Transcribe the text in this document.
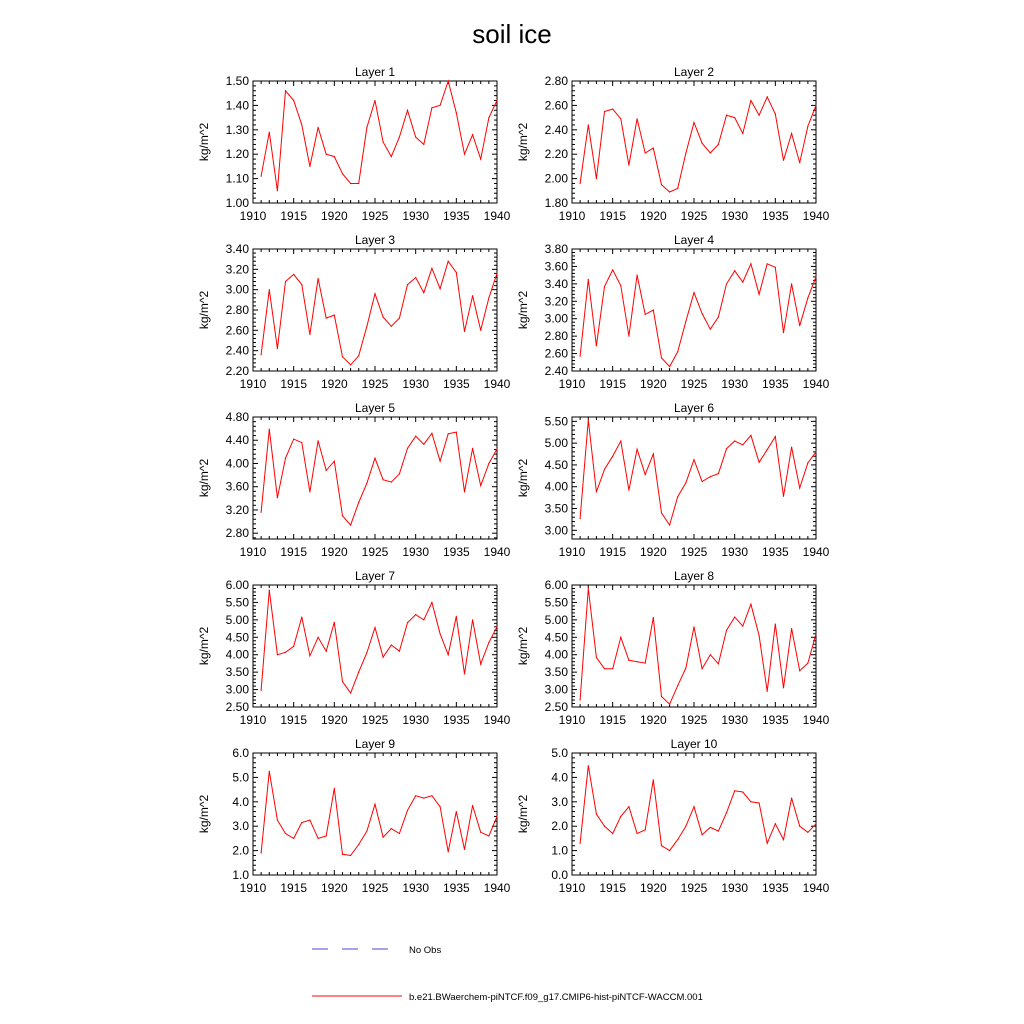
soil ice
Layer 1
1910 1915 1920 1925 1930 1935 1940
1.00
1.10
1.20
1.30
1.40
1.50
kg/m^2
Layer 2
1910 1915 1920 1925 1930 1935 1940
1.80
2.00
2.20
2.40
2.60
2.80
kg/m^2
Layer 3
1910 1915 1920 1925 1930 1935 1940
2.20
2.40
2.60
2.80
3.00
3.20
3.40
kg/m^2
Layer 4
1910 1915 1920 1925 1930 1935 1940
2.40
2.60
2.80
3.00
3.20
3.40
3.60
3.80
kg/m^2
Layer 5
1910 1915 1920 1925 1930 1935 1940
2.80
3.20
3.60
4.00
4.40
4.80
kg/m^2
Layer 6
1910 1915 1920 1925 1930 1935 1940
3.00
3.50
4.00
4.50
5.00
5.50
kg/m^2
Layer 7
1910 1915 1920 1925 1930 1935 1940
2.50
3.00
3.50
4.00
4.50
5.00
5.50
6.00
kg/m^2
Layer 8
1910 1915 1920 1925 1930 1935 1940
2.50
3.00
3.50
4.00
4.50
5.00
5.50
6.00
kg/m^2
Layer 9
1910 1915 1920 1925 1930 1935 1940
1.0
2.0
3.0
4.0
5.0
6.0
kg/m^2
Layer 10
1910 1915 1920 1925 1930 1935 1940
0.0
1.0
2.0
3.0
4.0
5.0
kg/m^2
No Obs
b.e21.BWaerchem-piNTCF.f09_g17.CMIP6-hist-piNTCF-WACCM.001
